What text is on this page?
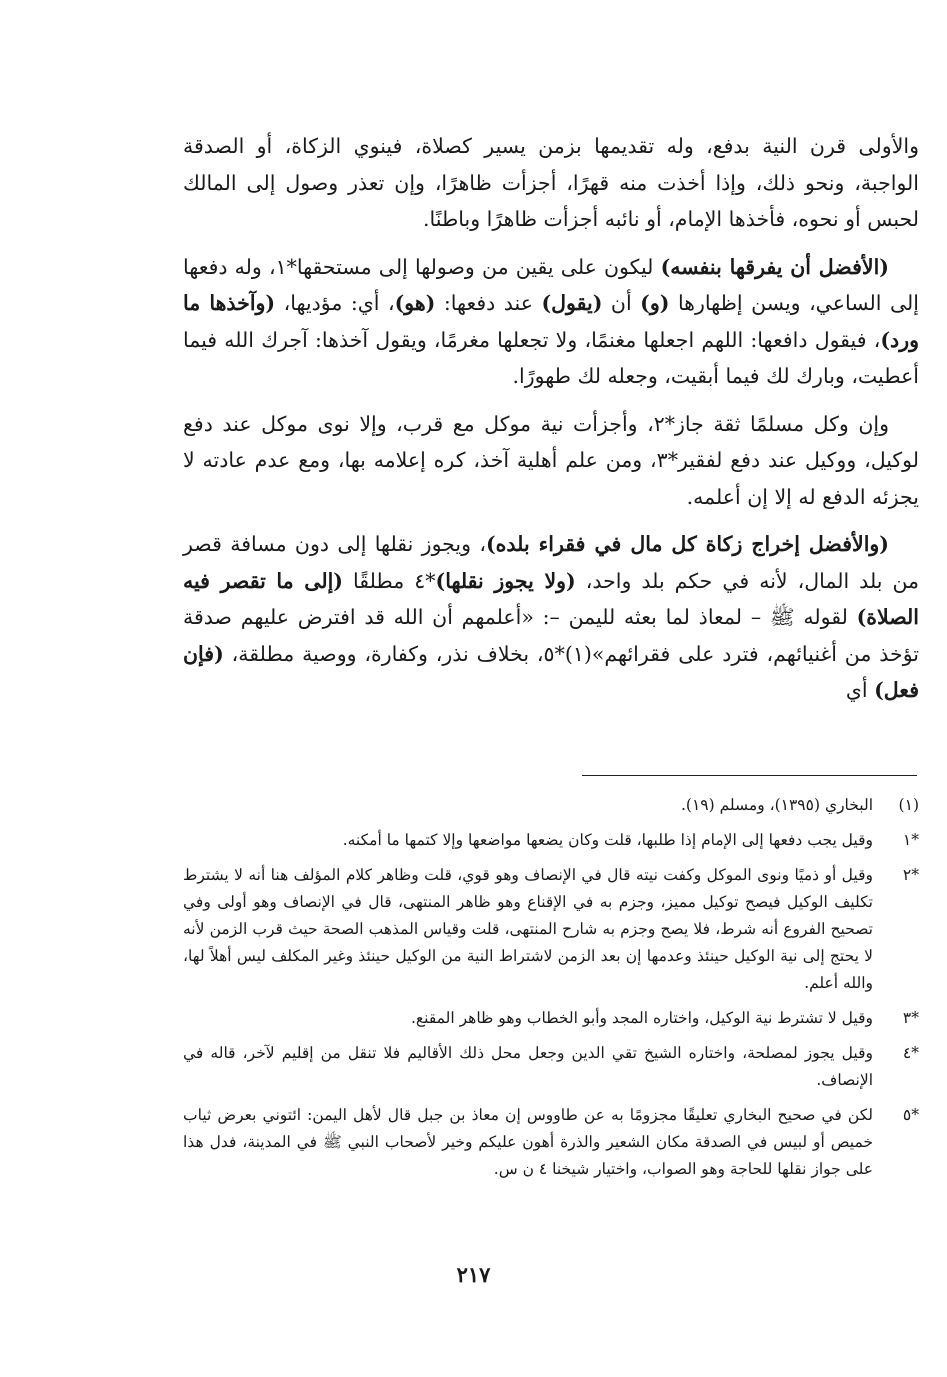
والأولى قرن النية بدفع، وله تقديمها بزمن يسير كصلاة، فينوي الزكاة، أو الصدقة الواجبة، ونحو ذلك، وإذا أخذت منه قهرًا، أجزأت ظاهرًا، وإن تعذر وصول إلى المالك لحبس أو نحوه، فأخذها الإمام، أو نائبه أجزأت ظاهرًا وباطنًا.

(الأفضل أن يفرقها بنفسه) ليكون على يقين من وصولها إلى مستحقها*١، وله دفعها إلى الساعي، ويسن إظهارها (و) أن (يقول) عند دفعها: (هو)، أي: مؤديها، (وآخذها ما ورد)، فيقول دافعها: اللهم اجعلها مغنمًا، ولا تجعلها مغرمًا، ويقول آخذها: آجرك الله فيما أعطيت، وبارك لك فيما أبقيت، وجعله لك طهورًا.

وإن وكل مسلمًا ثقة جاز*٢، وأجزأت نية موكل مع قرب، وإلا نوى موكل عند دفع لوكيل، ووكيل عند دفع لفقير*٣، ومن علم أهلية آخذ، كره إعلامه بها، ومع عدم عادته لا يجزئه الدفع له إلا إن أعلمه.

(والأفضل إخراج زكاة كل مال في فقراء بلده)، ويجوز نقلها إلى دون مسافة قصر من بلد المال، لأنه في حكم بلد واحد، (ولا يجوز نقلها)*٤ مطلقًا (إلى ما تقصر فيه الصلاة) لقوله ﷺ – لمعاذ لما بعثه لليمن –: «أعلمهم أن الله قد افترض عليهم صدقة تؤخذ من أغنيائهم، فترد على فقرائهم»(١)*٥، بخلاف نذر، وكفارة، ووصية مطلقة، (فإن فعل) أي

(١)
البخاري (١٣٩٥)، ومسلم (١٩).
*١
وقيل يجب دفعها إلى الإمام إذا طلبها، قلت وكان يضعها مواضعها وإلا كتمها ما أمكنه.
*٢
وقيل أو ذميًا ونوى الموكل وكفت نيته قال في الإنصاف وهو قوي، قلت وظاهر كلام المؤلف هنا أنه لا يشترط تكليف الوكيل فيصح توكيل مميز، وجزم به في الإقناع وهو ظاهر المنتهى، قال في الإنصاف وهو أولى وفي تصحيح الفروع أنه شرط، فلا يصح وجزم به شارح المنتهى، قلت وقياس المذهب الصحة حيث قرب الزمن لأنه لا يحتج إلى نية الوكيل حينئذ وعدمها إن بعد الزمن لاشتراط النية من الوكيل حينئذ وغير المكلف ليس أهلاً لها، والله أعلم.
*٣
وقيل لا تشترط نية الوكيل، واختاره المجد وأبو الخطاب وهو ظاهر المقنع.
*٤
وقيل يجوز لمصلحة، واختاره الشيخ تقي الدين وجعل محل ذلك الأقاليم فلا تنقل من إقليم لآخر، قاله في الإنصاف.
*٥
لكن في صحيح البخاري تعليقًا مجزومًا به عن طاووس إن معاذ بن جبل قال لأهل اليمن: ائتوني بعرض ثياب خميص أو لبيس في الصدقة مكان الشعير والذرة أهون عليكم وخير لأصحاب النبي ﷺ في المدينة، فدل هذا على جواز نقلها للحاجة وهو الصواب، واختيار شيخنا ٤ ن س.
٢١٧
